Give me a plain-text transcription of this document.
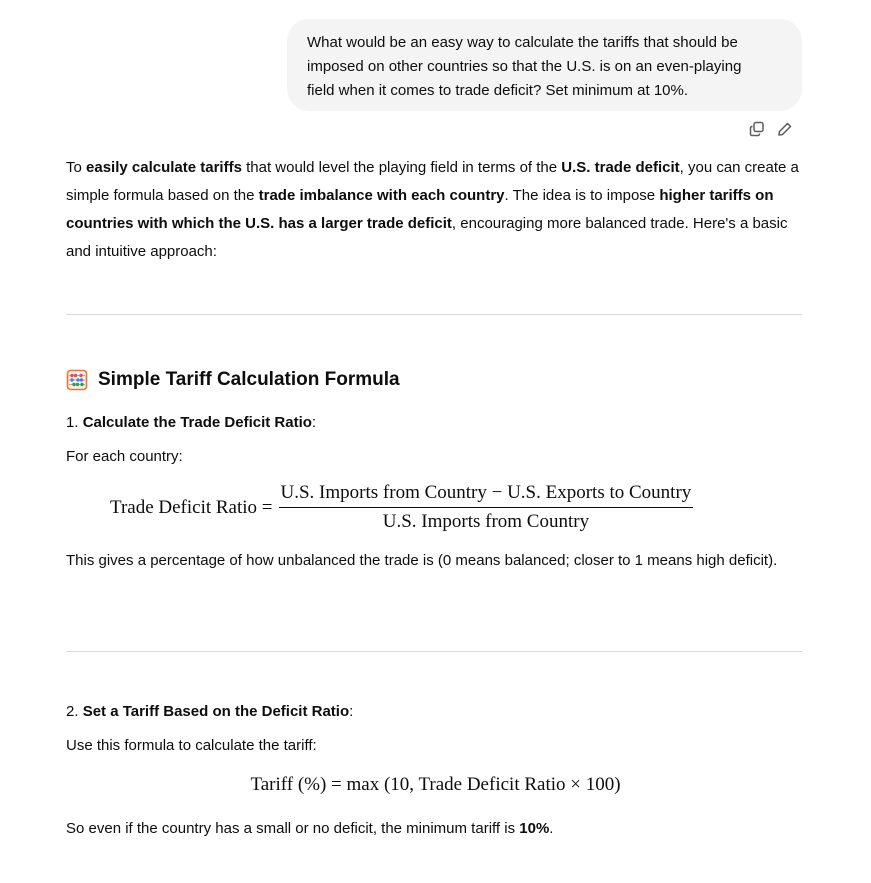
What would be an easy way to calculate the tariffs that should be
imposed on other countries so that the U.S. is on an even-playing
field when it comes to trade deficit? Set minimum at 10%.

To easily calculate tariffs that would level the playing field in terms of the U.S. trade deficit, you can create a simple formula based on the trade imbalance with each country. The idea is to impose higher tariffs on countries with which the U.S. has a larger trade deficit, encouraging more balanced trade. Here's a basic and intuitive approach:

Simple Tariff Calculation Formula
1. Calculate the Trade Deficit Ratio:
For each country:
Trade Deficit Ratio = $\frac{\text{U.S. Imports from Country − U.S. Exports to Country}}{\text{U.S. Imports from Country}}$

This gives a percentage of how unbalanced the trade is (0 means balanced; closer to 1 means high deficit).

2. Set a Tariff Based on the Deficit Ratio:
Use this formula to calculate the tariff:
Tariff (%) = max (10, Trade Deficit Ratio × 100)
So even if the country has a small or no deficit, the minimum tariff is 10%.
